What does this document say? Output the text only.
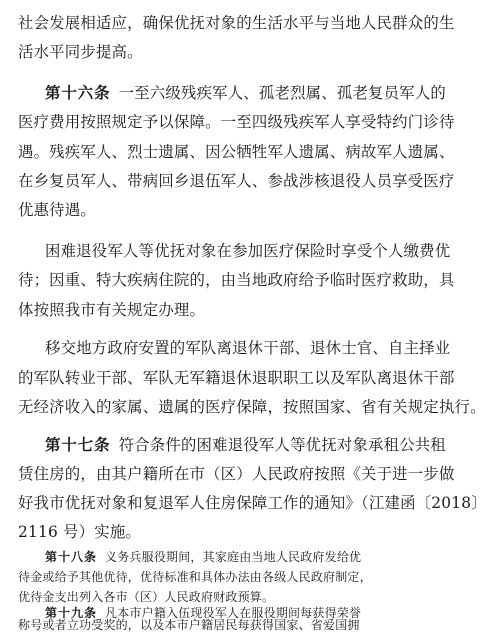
社会发展相适应，确保优抚对象的生活水平与当地人民群众的生
活水平同步提高。
第十六条 一至六级残疾军人、孤老烈属、孤老复员军人的
医疗费用按照规定予以保障。一至四级残疾军人享受特约门诊待
遇。残疾军人、烈士遗属、因公牺牲军人遗属、病故军人遗属、
在乡复员军人、带病回乡退伍军人、参战涉核退役人员享受医疗
优惠待遇。
困难退役军人等优抚对象在参加医疗保险时享受个人缴费优
待；因重、特大疾病住院的，由当地政府给予临时医疗救助，具
体按照我市有关规定办理。
移交地方政府安置的军队离退休干部、退休士官、自主择业
的军队转业干部、军队无军籍退休退职职工以及军队离退休干部
无经济收入的家属、遗属的医疗保障，按照国家、省有关规定执行。
第十七条 符合条件的困难退役军人等优抚对象承租公共租
赁住房的，由其户籍所在市（区）人民政府按照《关于进一步做
好我市优抚对象和复退军人住房保障工作的通知》（江建函〔2018〕
2116 号）实施。
第十八条 义务兵服役期间，其家庭由当地人民政府发给优
待金或给予其他优待，优待标准和具体办法由各级人民政府制定，
优待金支出列入各市（区）人民政府财政预算。
第十九条 凡本市户籍入伍现役军人在服役期间每获得荣誉
称号或者立功受奖的，以及本市户籍居民每获得国家、省爱国拥
